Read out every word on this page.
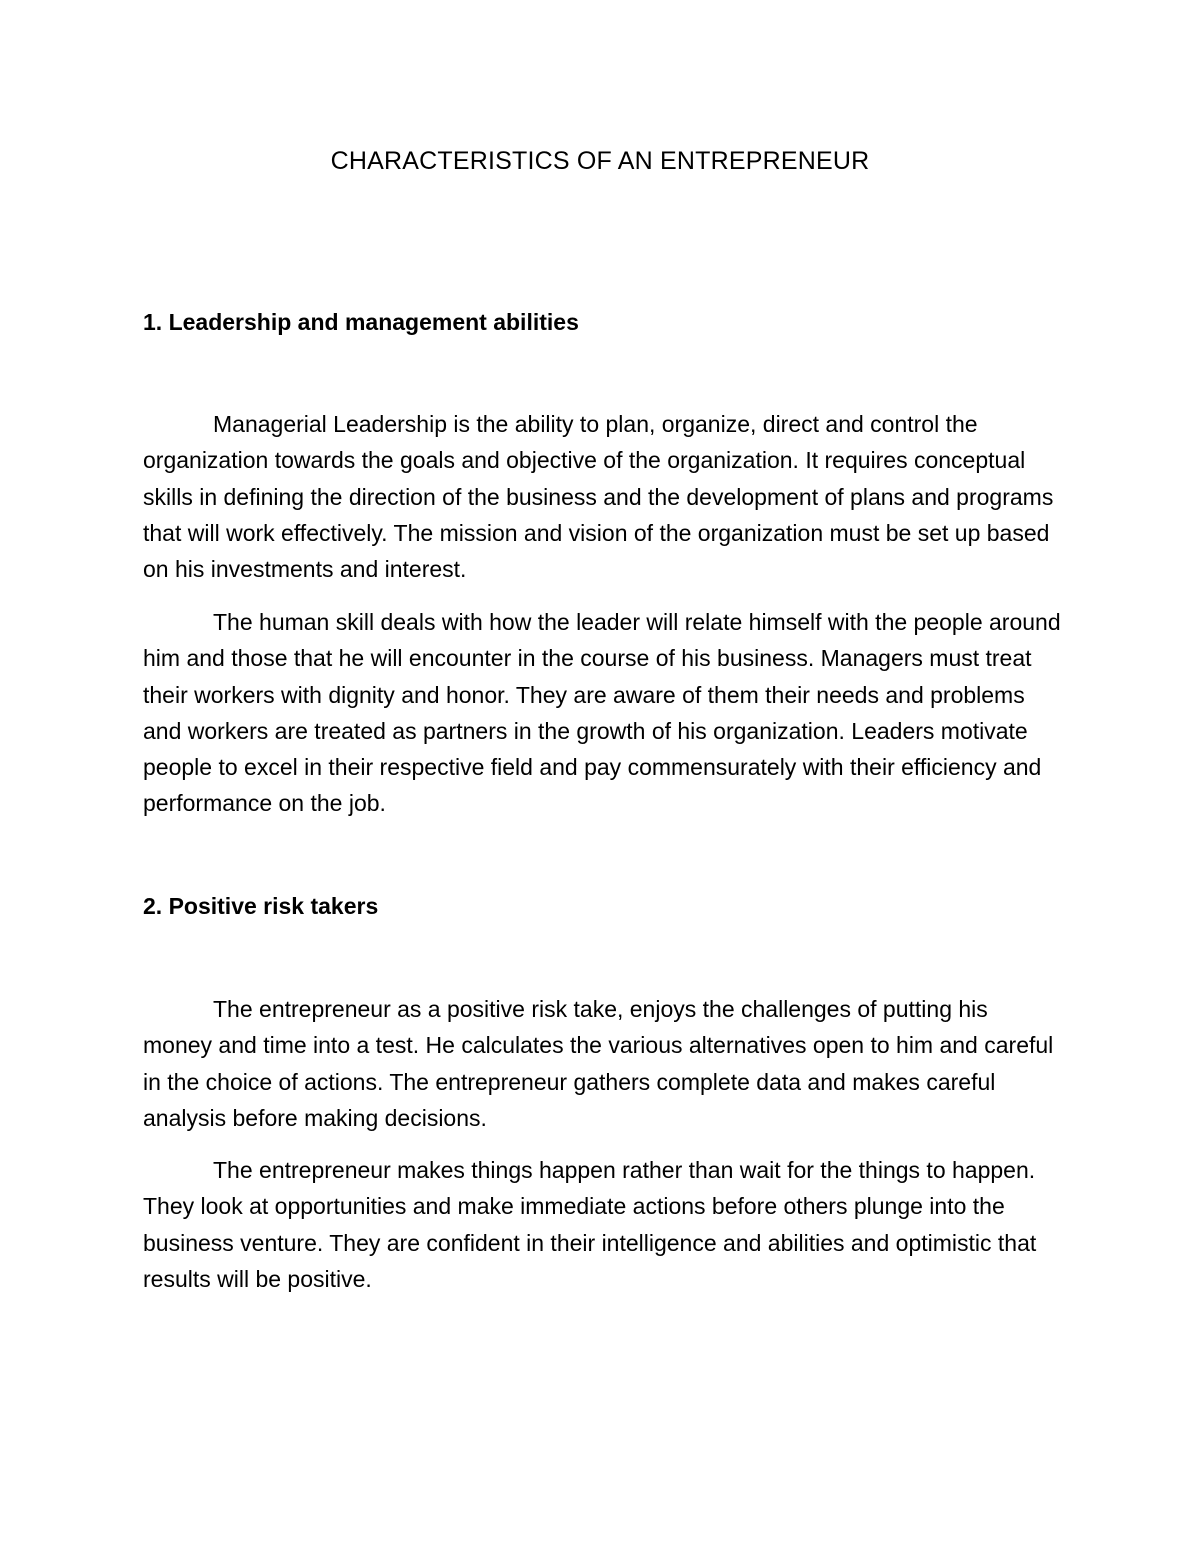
CHARACTERISTICS OF AN ENTREPRENEUR
1. Leadership and management abilities

Managerial Leadership is the ability to plan, organize, direct and control the organization towards the goals and objective of the organization. It requires conceptual skills in defining the direction of the business and the development of plans and programs that will work effectively. The mission and vision of the organization must be set up based on his investments and interest.

The human skill deals with how the leader will relate himself with the people around him and those that he will encounter in the course of his business. Managers must treat their workers with dignity and honor. They are aware of them their needs and problems and workers are treated as partners in the growth of his organization. Leaders motivate people to excel in their respective field and pay commensurately with their efficiency and performance on the job.

2. Positive risk takers

The entrepreneur as a positive risk take, enjoys the challenges of putting his money and time into a test. He calculates the various alternatives open to him and careful in the choice of actions. The entrepreneur gathers complete data and makes careful analysis before making decisions.

The entrepreneur makes things happen rather than wait for the things to happen. They look at opportunities and make immediate actions before others plunge into the business venture. They are confident in their intelligence and abilities and optimistic that results will be positive.
